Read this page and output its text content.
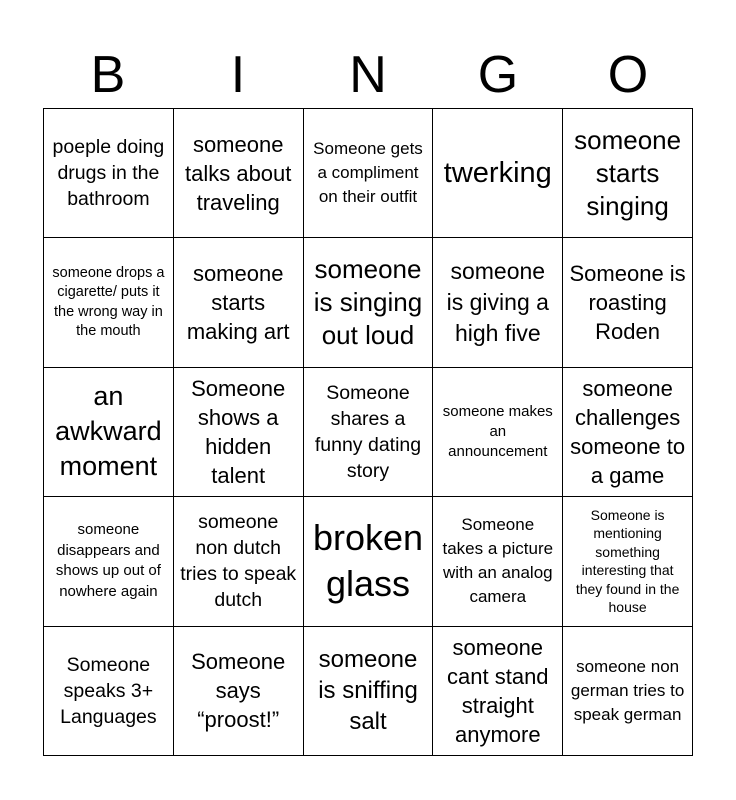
B	I	N	G	O
poeple doing drugs in the bathroom
someone talks about traveling
Someone gets a compliment on their outfit
twerking
someone starts singing
someone drops a cigarette/ puts it the wrong way in the mouth
someone starts making art
someone is singing out loud
someone is giving a high five
Someone is roasting Roden
an awkward moment
Someone shows a hidden talent
Someone shares a funny dating story
someone makes an announcement
someone challenges someone to a game
someone disappears and shows up out of nowhere again
someone non dutch tries to speak dutch
broken glass
Someone takes a picture with an analog camera
Someone is mentioning something interesting that they found in the house
Someone speaks 3+ Languages
Someone says “proost!”
someone is sniffing salt
someone cant stand straight anymore
someone non german tries to speak german
